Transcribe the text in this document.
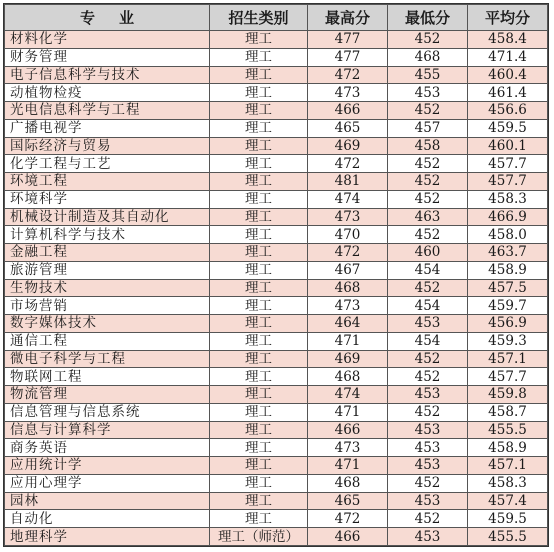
专业	招生类别	最高分	最低分	平均分
材料化学	理工	477	452	458.4
财务管理	理工	477	468	471.4
电子信息科学与技术	理工	472	455	460.4
动植物检疫	理工	473	453	461.4
光电信息科学与工程	理工	466	452	456.6
广播电视学	理工	465	457	459.5
国际经济与贸易	理工	469	458	460.1
化学工程与工艺	理工	472	452	457.7
环境工程	理工	481	452	457.7
环境科学	理工	474	452	458.3
机械设计制造及其自动化	理工	473	463	466.9
计算机科学与技术	理工	470	452	458.0
金融工程	理工	472	460	463.7
旅游管理	理工	467	454	458.9
生物技术	理工	468	452	457.5
市场营销	理工	473	454	459.7
数字媒体技术	理工	464	453	456.9
通信工程	理工	471	454	459.3
微电子科学与工程	理工	469	452	457.1
物联网工程	理工	468	452	457.7
物流管理	理工	474	453	459.8
信息管理与信息系统	理工	471	452	458.7
信息与计算科学	理工	466	453	455.5
商务英语	理工	473	453	458.9
应用统计学	理工	471	453	457.1
应用心理学	理工	468	452	458.3
园林	理工	465	453	457.4
自动化	理工	472	452	459.5
地理科学	理工（师范）	466	453	455.5
